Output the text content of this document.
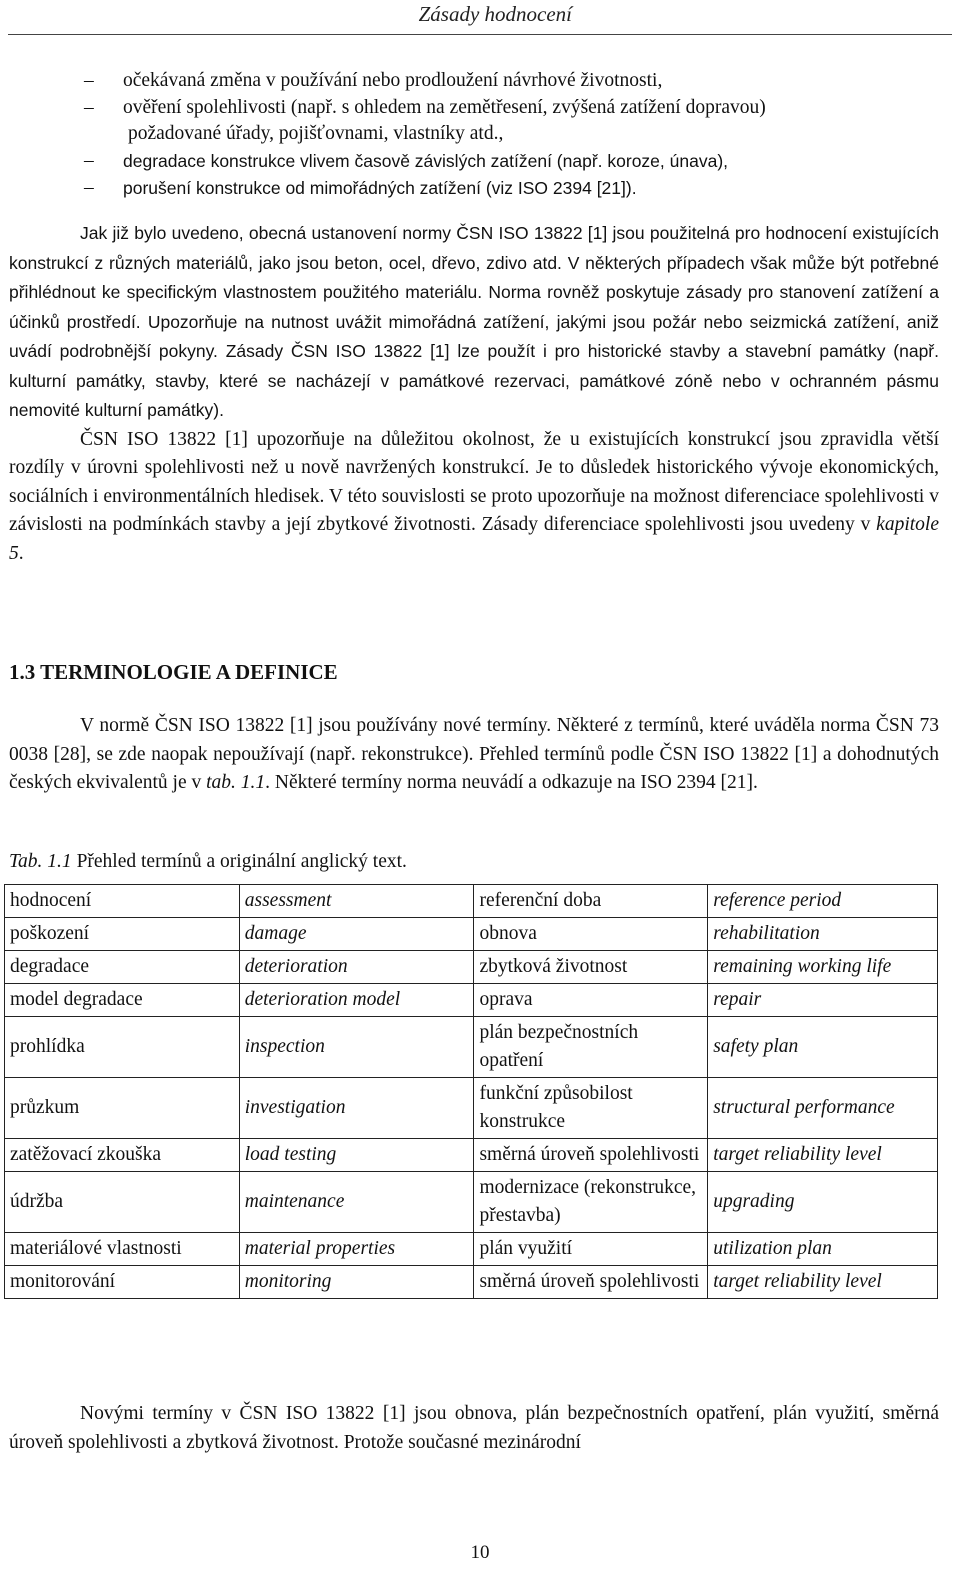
Zásady hodnocení
– očekávaná změna v používání nebo prodloužení návrhové životnosti,
– ověření spolehlivosti (např. s ohledem na zemětřesení, zvýšená zatížení dopravou)
požadované úřady, pojišťovnami, vlastníky atd.,
– degradace konstrukce vlivem časově závislých zatížení (např. koroze, únava),
– porušení konstrukce od mimořádných zatížení (viz ISO 2394 [21]).

Jak již bylo uvedeno, obecná ustanovení normy ČSN ISO 13822 [1] jsou použitelná pro hodnocení existujících konstrukcí z různých materiálů, jako jsou beton, ocel, dřevo, zdivo atd. V některých případech však může být potřebné přihlédnout ke specifickým vlastnostem použitého materiálu. Norma rovněž poskytuje zásady pro stanovení zatížení a účinků prostředí. Upozorňuje na nutnost uvážit mimořádná zatížení, jakými jsou požár nebo seizmická zatížení, aniž uvádí podrobnější pokyny. Zásady ČSN ISO 13822 [1] lze použít i pro historické stavby a stavební památky (např. kulturní památky, stavby, které se nacházejí v památkové rezervaci, památkové zóně nebo v ochranném pásmu nemovité kulturní památky).

ČSN ISO 13822 [1] upozorňuje na důležitou okolnost, že u existujících konstrukcí jsou zpravidla větší rozdíly v úrovni spolehlivosti než u nově navržených konstrukcí. Je to důsledek historického vývoje ekonomických, sociálních i environmentálních hledisek. V této souvislosti se proto upozorňuje na možnost diferenciace spolehlivosti v závislosti na podmínkách stavby a její zbytkové životnosti. Zásady diferenciace spolehlivosti jsou uvedeny v kapitole 5.

1.3 TERMINOLOGIE A DEFINICE

V normě ČSN ISO 13822 [1] jsou používány nové termíny. Některé z termínů, které uváděla norma ČSN 73 0038 [28], se zde naopak nepoužívají (např. rekonstrukce). Přehled termínů podle ČSN ISO 13822 [1] a dohodnutých českých ekvivalentů je v tab. 1.1. Některé termíny norma neuvádí a odkazuje na ISO 2394 [21].

Tab. 1.1 Přehled termínů a originální anglický text.
hodnocení	assessment	referenční doba	reference period
poškození	damage	obnova	rehabilitation
degradace	deterioration	zbytková životnost	remaining working life
model degradace	deterioration model	oprava	repair
prohlídka	inspection	plán bezpečnostních opatření	safety plan
průzkum	investigation	funkční způsobilost konstrukce	structural performance
zatěžovací zkouška	load testing	směrná úroveň spolehlivosti	target reliability level
údržba	maintenance	modernizace (rekonstrukce, přestavba)	upgrading
materiálové vlastnosti	material properties	plán využití	utilization plan
monitorování	monitoring	směrná úroveň spolehlivosti	target reliability level

Novými termíny v ČSN ISO 13822 [1] jsou obnova, plán bezpečnostních opatření, plán využití, směrná úroveň spolehlivosti a zbytková životnost. Protože současné mezinárodní

10
